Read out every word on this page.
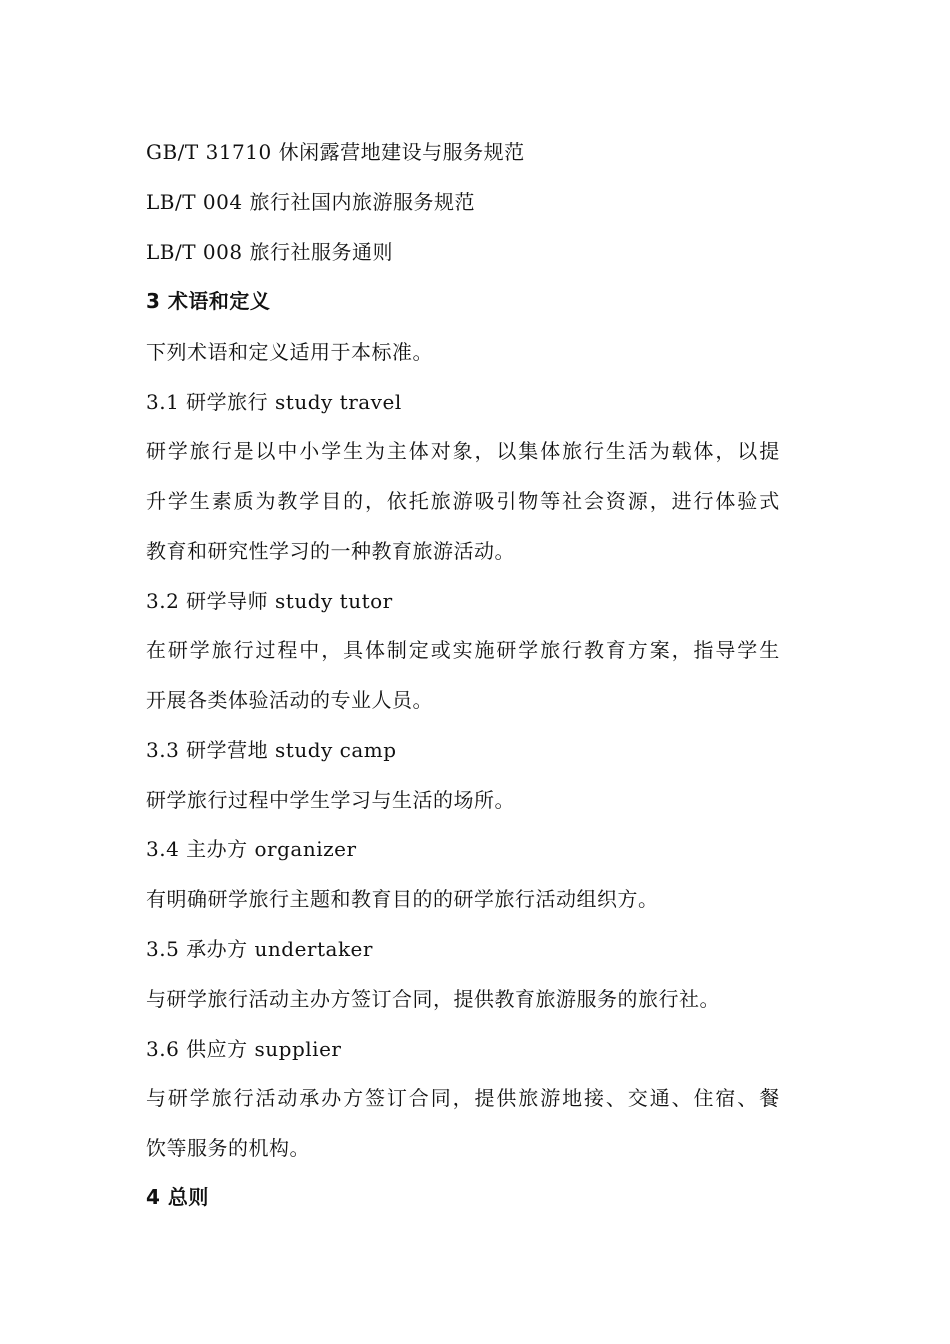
GB/T 31710 休闲露营地建设与服务规范
LB/T 004 旅行社国内旅游服务规范
LB/T 008 旅行社服务通则
3 术语和定义
下列术语和定义适用于本标准。
3.1 研学旅行 study travel
研学旅行是以中小学生为主体对象，以集体旅行生活为载体，以提
升学生素质为教学目的，依托旅游吸引物等社会资源，进行体验式
教育和研究性学习的一种教育旅游活动。
3.2 研学导师 study tutor
在研学旅行过程中，具体制定或实施研学旅行教育方案，指导学生
开展各类体验活动的专业人员。
3.3 研学营地 study camp
研学旅行过程中学生学习与生活的场所。
3.4 主办方 organizer
有明确研学旅行主题和教育目的的研学旅行活动组织方。
3.5 承办方 undertaker
与研学旅行活动主办方签订合同，提供教育旅游服务的旅行社。
3.6 供应方 supplier
与研学旅行活动承办方签订合同，提供旅游地接、交通、住宿、餐
饮等服务的机构。
4 总则
